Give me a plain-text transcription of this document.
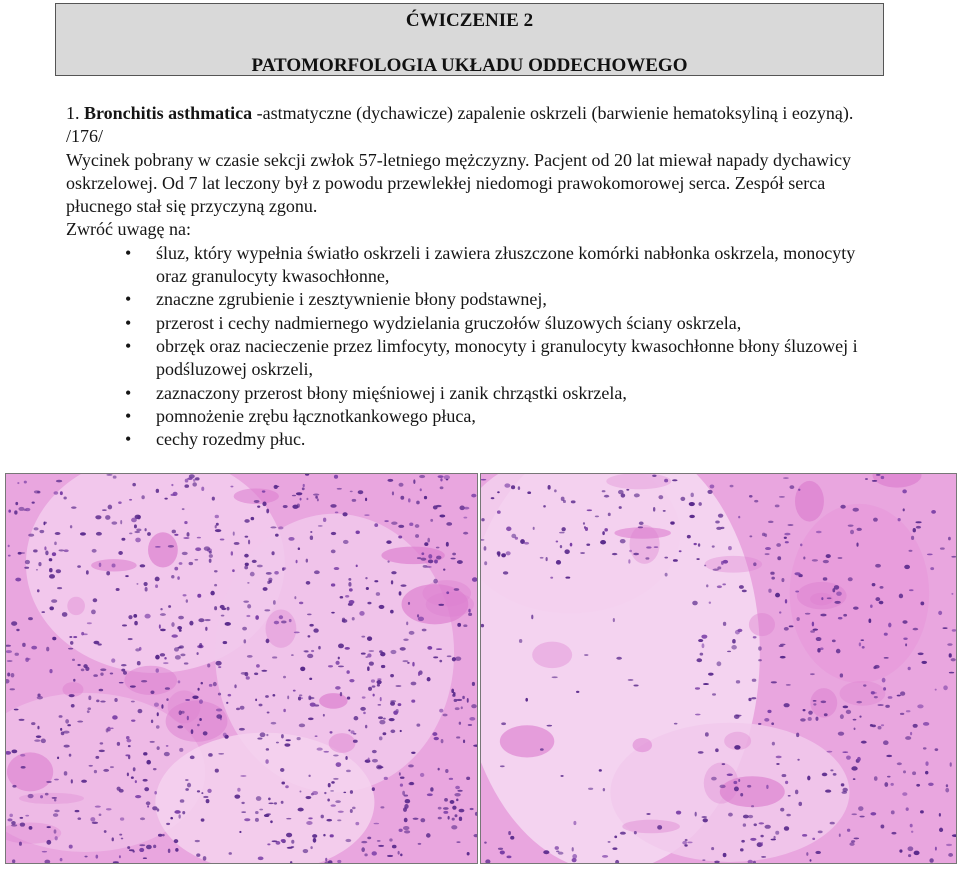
ĆWICZENIE 2
PATOMORFOLOGIA UKŁADU ODDECHOWEGO

1. Bronchitis asthmatica -astmatyczne (dychawicze) zapalenie oskrzeli (barwienie hematoksyliną i eozyną). /176/

Wycinek pobrany w czasie sekcji zwłok 57-letniego mężczyzny. Pacjent od 20 lat miewał napady dychawicy oskrzelowej. Od 7 lat leczony był z powodu przewlekłej niedomogi prawokomorowej serca. Zespół serca płucnego stał się przyczyną zgonu.

Zwróć uwagę na:

• śluz, który wypełnia światło oskrzeli i zawiera złuszczone komórki nabłonka oskrzela, monocyty oraz granulocyty kwasochłonne,
• znaczne zgrubienie i zesztywnienie błony podstawnej,
• przerost i cechy nadmiernego wydzielania gruczołów śluzowych ściany oskrzela,
• obrzęk oraz nacieczenie przez limfocyty, monocyty i granulocyty kwasochłonne błony śluzowej i podśluzowej oskrzeli,
• zaznaczony przerost błony mięśniowej i zanik chrząstki oskrzela,
• pomnożenie zrębu łącznotkankowego płuca,
• cechy rozedmy płuc.
